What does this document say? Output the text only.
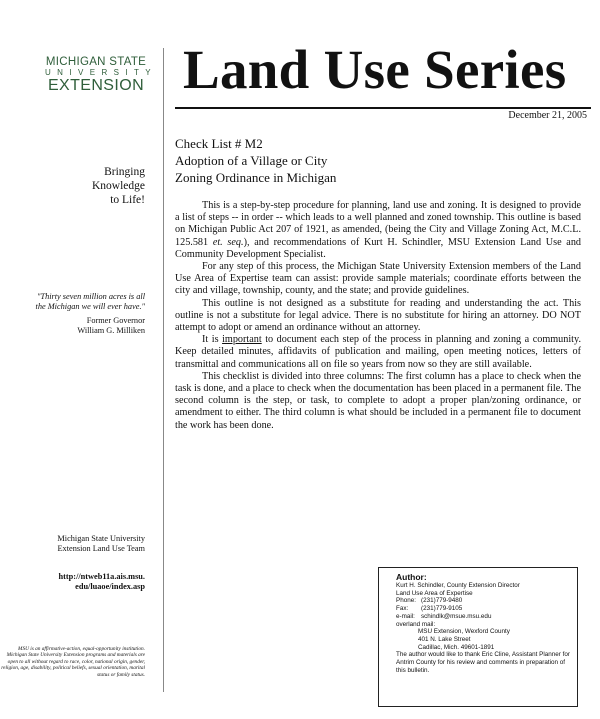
MICHIGAN STATE
UNIVERSITY
EXTENSION Land Use Series
December 21, 2005
Check List # M2
Adoption of a Village or City
Zoning Ordinance in Michigan

This is a step-by-step procedure for planning, land use and zoning. It is designed to provide a list of steps -- in order -- which leads to a well planned and zoned township. This outline is based on Michigan Public Act 207 of 1921, as amended, (being the City and Village Zoning Act, M.C.L. 125.581 et. seq.), and recommendations of Kurt H. Schindler, MSU Extension Land Use and Community Development Specialist.

For any step of this process, the Michigan State University Extension members of the Land Use Area of Expertise team can assist: provide sample materials; coordinate efforts between the city and village, township, county, and the state; and provide guidelines.

This outline is not designed as a substitute for reading and understanding the act. This outline is not a substitute for legal advice. There is no substitute for hiring an attorney. DO NOT attempt to adopt or amend an ordinance without an attorney.

It is important to document each step of the process in planning and zoning a community. Keep detailed minutes, affidavits of publication and mailing, open meeting notices, letters of transmittal and communications all on file so years from now so they are still available.

This checklist is divided into three columns: The first column has a place to check when the task is done, and a place to check when the documentation has been placed in a permanent file. The second column is the step, or task, to complete to adopt a proper plan/zoning ordinance, or amendment to either. The third column is what should be included in a permanent file to document the work has been done.

Bringing
Knowledge
to Life!
"Thirty seven million acres is all the Michigan we will ever have."
Former Governor
William G. Milliken
Michigan State University
Extension Land Use Team
http://ntweb11a.ais.msu.
edu/luaoe/index.asp
MSU is an affirmative-action, equal-opportunity institution. Michigan State University Extension programs and materials are open to all without regard to race, color, national origin, gender, religion, age, disability, political beliefs, sexual orientation, marital status or family status.
Author:
Kurt H. Schindler, County Extension Director
Land Use Area of Expertise
Phone: (231)779-9480
Fax: (231)779-9105
e-mail: schindlk@msue.msu.edu
overland mail:
MSU Extension, Wexford County
401 N. Lake Street
Cadillac, Mich. 49601-1891
The author would like to thank Eric Cline, Assistant Planner for Antrim County for his review and comments in preparation of this bulletin.
